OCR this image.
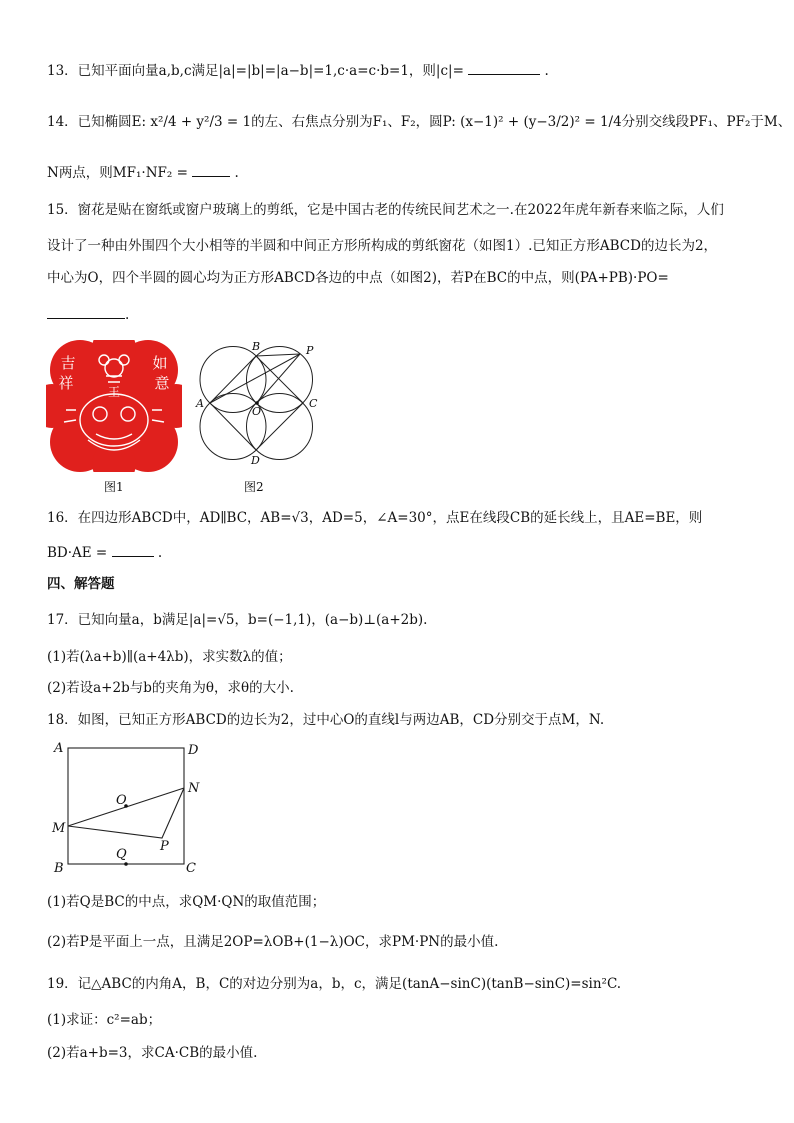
13．已知平面向量a,b,c满足|a|=|b|=|a−b|=1,c·a=c·b=1，则|c|=	.
14．已知椭圆E: x²/4 + y²/3 = 1的左、右焦点分别为F₁、F₂，圆P: (x−1)² + (y−3/2)² = 1/4分别交线段PF₁、PF₂于M、
N两点，则MF₁·NF₂ =	.
15．窗花是贴在窗纸或窗户玻璃上的剪纸，它是中国古老的传统民间艺术之一.在2022年虎年新春来临之际，人们
设计了一种由外围四个大小相等的半圆和中间正方形所构成的剪纸窗花（如图1）.已知正方形ABCD的边长为2，
中心为O，四个半圆的圆心均为正方形ABCD各边的中点（如图2)，若P在BC的中点，则(PA+PB)·PO=
.
吉	如
祥	意
王
图1
B	P
A
O
C
D
图2
16．在四边形ABCD中，AD∥BC，AB=√3，AD=5，∠A=30°，点E在线段CB的延长线上，且AE=BE，则
BD·AE =	.
四、解答题
17．已知向量a，b满足|a|=√5，b=(−1,1)，(a−b)⊥(a+2b).
(1)若(λa+b)∥(a+4λb)，求实数λ的值；
(2)若设a+2b与b的夹角为θ，求θ的大小.
18．如图，已知正方形ABCD的边长为2，过中心O的直线l与两边AB，CD分别交于点M，N.
A	D
M
N
O
P
Q
B	C
(1)若Q是BC的中点，求QM·QN的取值范围；
(2)若P是平面上一点，且满足2OP=λOB+(1−λ)OC，求PM·PN的最小值.
19．记△ABC的内角A，B，C的对边分别为a，b，c，满足(tanA−sinC)(tanB−sinC)=sin²C.
(1)求证：c²=ab；
(2)若a+b=3，求CA·CB的最小值.
